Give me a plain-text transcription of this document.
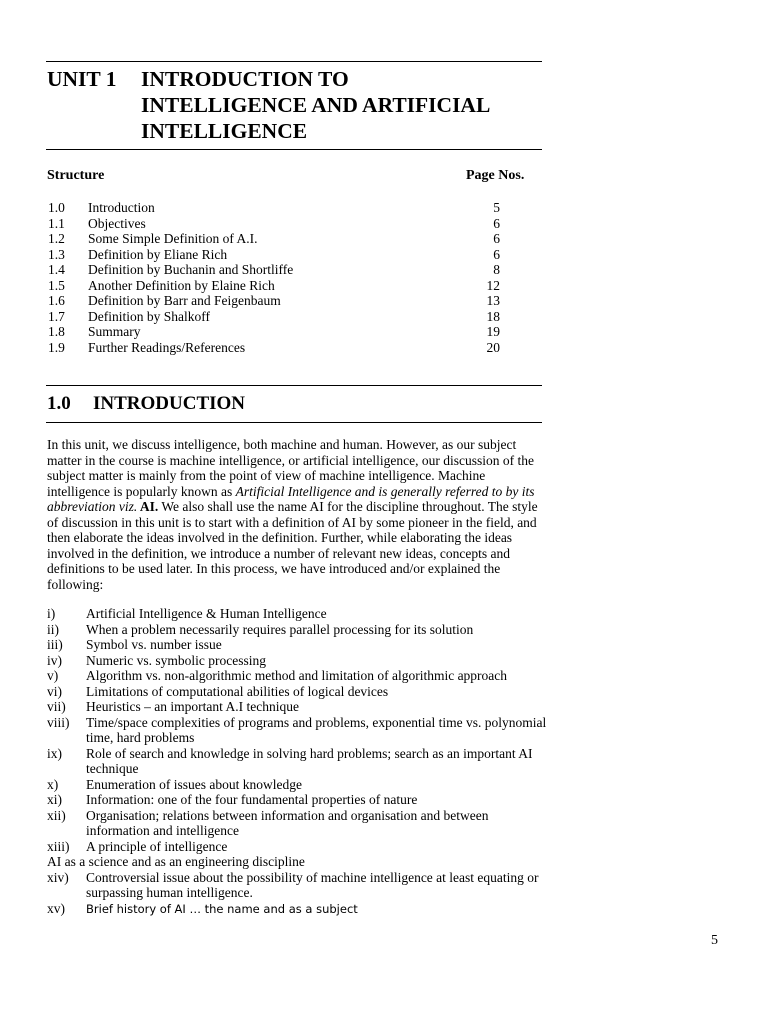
UNIT 1 INTRODUCTION TO
INTELLIGENCE AND ARTIFICIAL
INTELLIGENCE
Structure	Page Nos.
1.0 Introduction	5
1.1 Objectives	6
1.2 Some Simple Definition of A.I.	6
1.3 Definition by Eliane Rich	6
1.4 Definition by Buchanin and Shortliffe	8
1.5 Another Definition by Elaine Rich	12
1.6 Definition by Barr and Feigenbaum	13
1.7 Definition by Shalkoff	18
1.8 Summary	19
1.9 Further Readings/References	20
1.0 INTRODUCTION
In this unit, we discuss intelligence, both machine and human. However, as our subject matter in the course is machine intelligence, or artificial intelligence, our discussion of the subject matter is mainly from the point of view of machine intelligence. Machine intelligence is popularly known as Artificial Intelligence and is generally referred to by its abbreviation viz. AI. We also shall use the name AI for the discipline throughout. The style of discussion in this unit is to start with a definition of AI by some pioneer in the field, and then elaborate the ideas involved in the definition. Further, while elaborating the ideas involved in the definition, we introduce a number of relevant new ideas, concepts and definitions to be used later. In this process, we have introduced and/or explained the following:
i) Artificial Intelligence & Human Intelligence
ii) When a problem necessarily requires parallel processing for its solution
iii) Symbol vs. number issue
iv) Numeric vs. symbolic processing
v) Algorithm vs. non-algorithmic method and limitation of algorithmic approach
vi) Limitations of computational abilities of logical devices
vii) Heuristics – an important A.I technique
viii) Time/space complexities of programs and problems, exponential time vs. polynomial time, hard problems
ix) Role of search and knowledge in solving hard problems; search as an important AI technique
x) Enumeration of issues about knowledge
xi) Information: one of the four fundamental properties of nature
xii) Organisation; relations between information and organisation and between information and intelligence
xiii) A principle of intelligence
AI as a science and as an engineering discipline
xiv) Controversial issue about the possibility of machine intelligence at least equating or surpassing human intelligence.
xv) Brief history of AI … the name and as a subject
5
